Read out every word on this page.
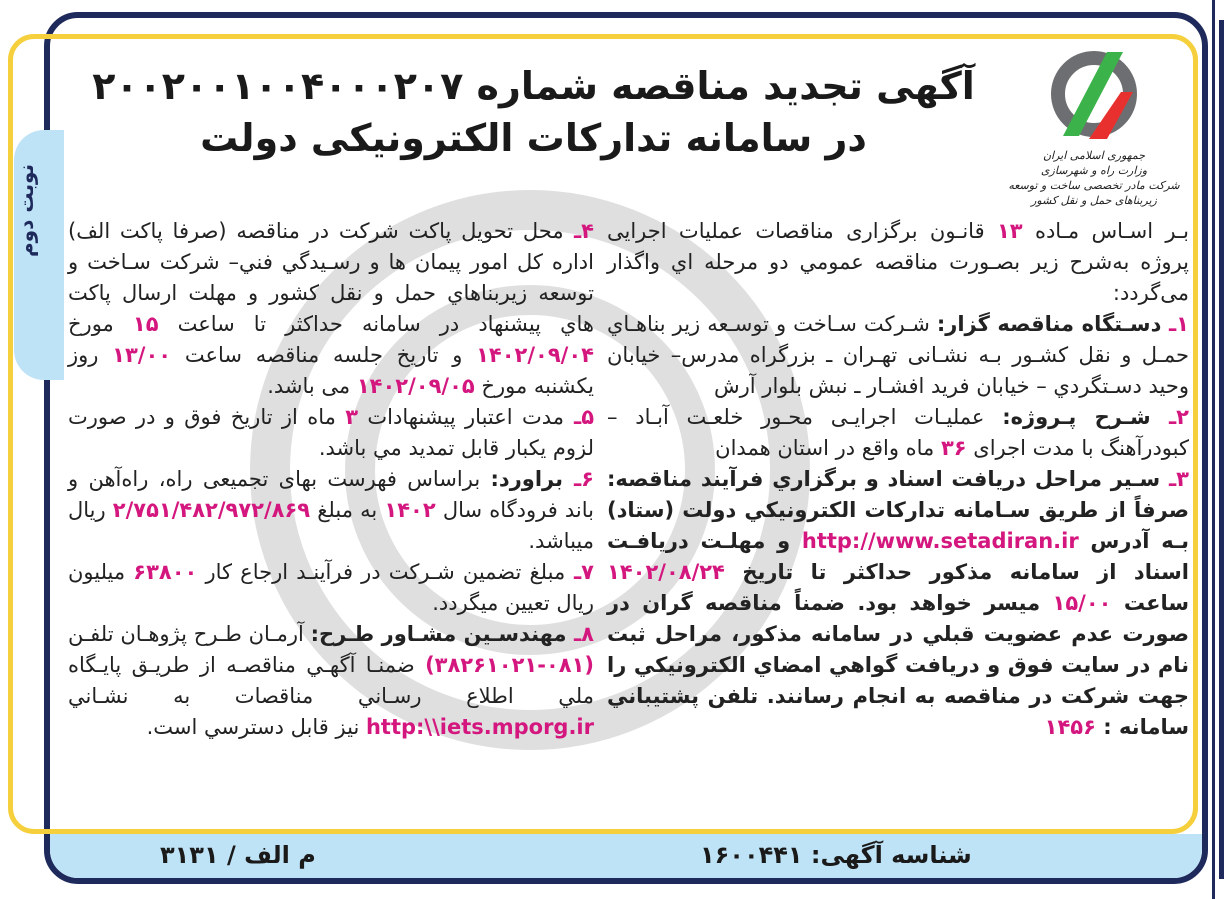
شناسه آگهی: ۱۶۰۰۴۴۱
م الف / ۳۱۳۱
نوبت دوم
جمهوری اسلامی ایران
وزارت راه و شهرسازی
شرکت مادر تخصصی ساخت و توسعه زیربناهای حمل و نقل کشور
آگهی تجدید مناقصه شماره ۲۰۰۲۰۰۱۰۰۴۰۰۰۲۰۷
در سامانه تدارکات الکترونیکی دولت

بـر اسـاس مـاده ۱۳ قانـون برگزاری مناقصات عملیات اجرایی پروژه به‌شرح زیر بصـورت مناقصه عمومي دو مرحله اي واگذار می‌گردد:

۱ـ دسـتگاه مناقصه گزار: شـرکت سـاخت و توسـعه زیر بناهـاي حمـل و نقل کشـور بـه نشـانی تهـران ـ بزرگراه مدرس– خیابان وحید دسـتگردي – خیابان فرید افشـار ـ نبش بلوار آرش

۲ـ شـرح پـروژه: عملیـات اجرایـی محـور خلعـت آبـاد – کبودرآهنگ با مدت اجرای ۳۶ ماه واقع در استان همدان

۳ـ سـیر مراحل دریافت اسناد و برگزاري فرآیند مناقصه: صرفاً از طریق سـامانه تدارکات الکترونیکي دولت (ستاد) بـه آدرس http://www.setadiran.ir و مهلـت دریافـت اسناد از سامانه مذکور حداکثر تا تاریخ ۱۴۰۲/۰۸/۲۴ ساعت ۱۵/۰۰ میسر خواهد بود. ضمناً مناقصه گران در صورت عدم عضویت قبلي در سامانه مذکور، مراحل ثبت نام در سایت فوق و دریافت گواهي امضاي الکترونیکي را جهت شرکت در مناقصه به انجام رسانند. تلفن پشتیباني سامانه : ۱۴۵۶

۴ـ محل تحویل پاکت شرکت در مناقصه (صرفا پاکت الف) اداره کل امور پیمان ها و رسـیدگي فني– شرکت سـاخت و توسعه زیربناهاي حمل و نقل کشور و مهلت ارسال پاکت هاي پیشنهاد در سامانه حداکثر تا ساعت ۱۵ مورخ ۱۴۰۲/۰۹/۰۴ و تاریخ جلسه مناقصه ساعت ۱۳/۰۰ روز یکشنبه مورخ ۱۴۰۲/۰۹/۰۵ می باشد.

۵ـ مدت اعتبار پیشنهادات ۳ ماه از تاریخ فوق و در صورت لزوم یکبار قابل تمدید مي باشد.

۶ـ براورد: براساس فهرست بهای تجمیعی راه، راه‌آهن و باند فرودگاه سال ۱۴۰۲ به مبلغ ۲/۷۵۱/۴۸۲/۹۷۲/۸۶۹ ریال میباشد.

۷ـ مبلغ تضمین شـرکت در فرآینـد ارجاع کار ۶۳۸۰۰ میلیون ریال تعیین میگردد.

۸ـ مهندسـین مشـاور طـرح: آرمـان طـرح پژوهـان تلفـن (۰۸۱-۳۸۲۶۱۰۲۱) ضمنـا آگهـي مناقصـه از طریـق پایـگاه ملي اطلاع رسـاني مناقصات به نشـاني http:\\iets.mporg.ir نیز قابل دسترسي است.
